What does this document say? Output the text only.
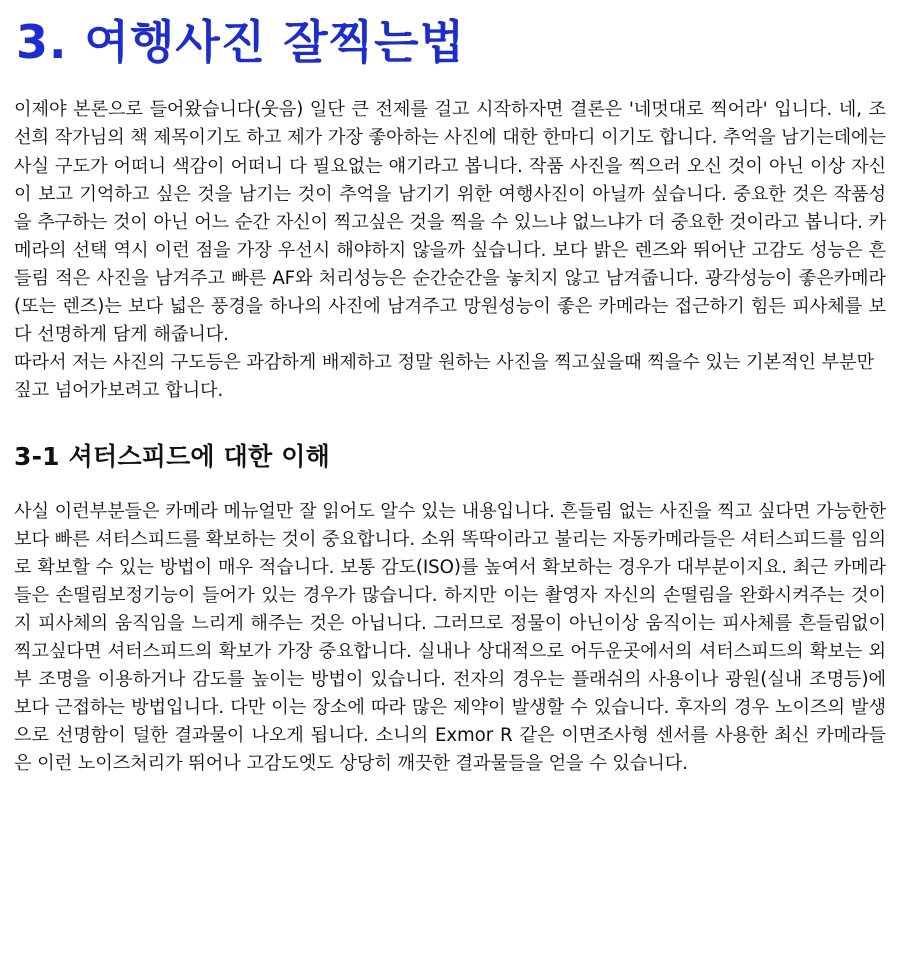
3. 여행사진 잘찍는법

이제야 본론으로 들어왔습니다(웃음) 일단 큰 전제를 걸고 시작하자면 결론은 '네멋대로 찍어라' 입니다. 네, 조선희 작가님의 책 제목이기도 하고 제가 가장 좋아하는 사진에 대한 한마디 이기도 합니다. 추억을 남기는데에는 사실 구도가 어떠니 색감이 어떠니 다 필요없는 얘기라고 봅니다. 작품 사진을 찍으러 오신 것이 아닌 이상 자신이 보고 기억하고 싶은 것을 남기는 것이 추억을 남기기 위한 여행사진이 아닐까 싶습니다. 중요한 것은 작품성을 추구하는 것이 아닌 어느 순간 자신이 찍고싶은 것을 찍을 수 있느냐 없느냐가 더 중요한 것이라고 봅니다. 카메라의 선택 역시 이런 점을 가장 우선시 해야하지 않을까 싶습니다. 보다 밝은 렌즈와 뛰어난 고감도 성능은 흔들림 적은 사진을 남겨주고 빠른 AF와 처리성능은 순간순간을 놓치지 않고 남겨줍니다. 광각성능이 좋은카메라(또는 렌즈)는 보다 넓은 풍경을 하나의 사진에 남겨주고 망원성능이 좋은 카메라는 접근하기 힘든 피사체를 보다 선명하게 담게 해줍니다.

따라서 저는 사진의 구도등은 과감하게 배제하고 정말 원하는 사진을 찍고싶을때 찍을수 있는 기본적인 부분만 짚고 넘어가보려고 합니다.

3-1 셔터스피드에 대한 이해

사실 이런부분들은 카메라 메뉴얼만 잘 읽어도 알수 있는 내용입니다. 흔들림 없는 사진을 찍고 싶다면 가능한한 보다 빠른 셔터스피드를 확보하는 것이 중요합니다. 소위 똑딱이라고 불리는 자동카메라들은 셔터스피드를 임의로 확보할 수 있는 방법이 매우 적습니다. 보통 감도(ISO)를 높여서 확보하는 경우가 대부분이지요. 최근 카메라들은 손떨림보정기능이 들어가 있는 경우가 많습니다. 하지만 이는 촬영자 자신의 손떨림을 완화시켜주는 것이지 피사체의 움직임을 느리게 해주는 것은 아닙니다. 그러므로 정물이 아닌이상 움직이는 피사체를 흔들림없이 찍고싶다면 셔터스피드의 확보가 가장 중요합니다. 실내나 상대적으로 어두운곳에서의 셔터스피드의 확보는 외부 조명을 이용하거나 감도를 높이는 방법이 있습니다. 전자의 경우는 플래쉬의 사용이나 광원(실내 조명등)에 보다 근접하는 방법입니다. 다만 이는 장소에 따라 많은 제약이 발생할 수 있습니다. 후자의 경우 노이즈의 발생으로 선명함이 덜한 결과물이 나오게 됩니다. 소니의 Exmor R 같은 이면조사형 센서를 사용한 최신 카메라들은 이런 노이즈처리가 뛰어나 고감도엣도 상당히 깨끗한 결과물들을 얻을 수 있습니다.
